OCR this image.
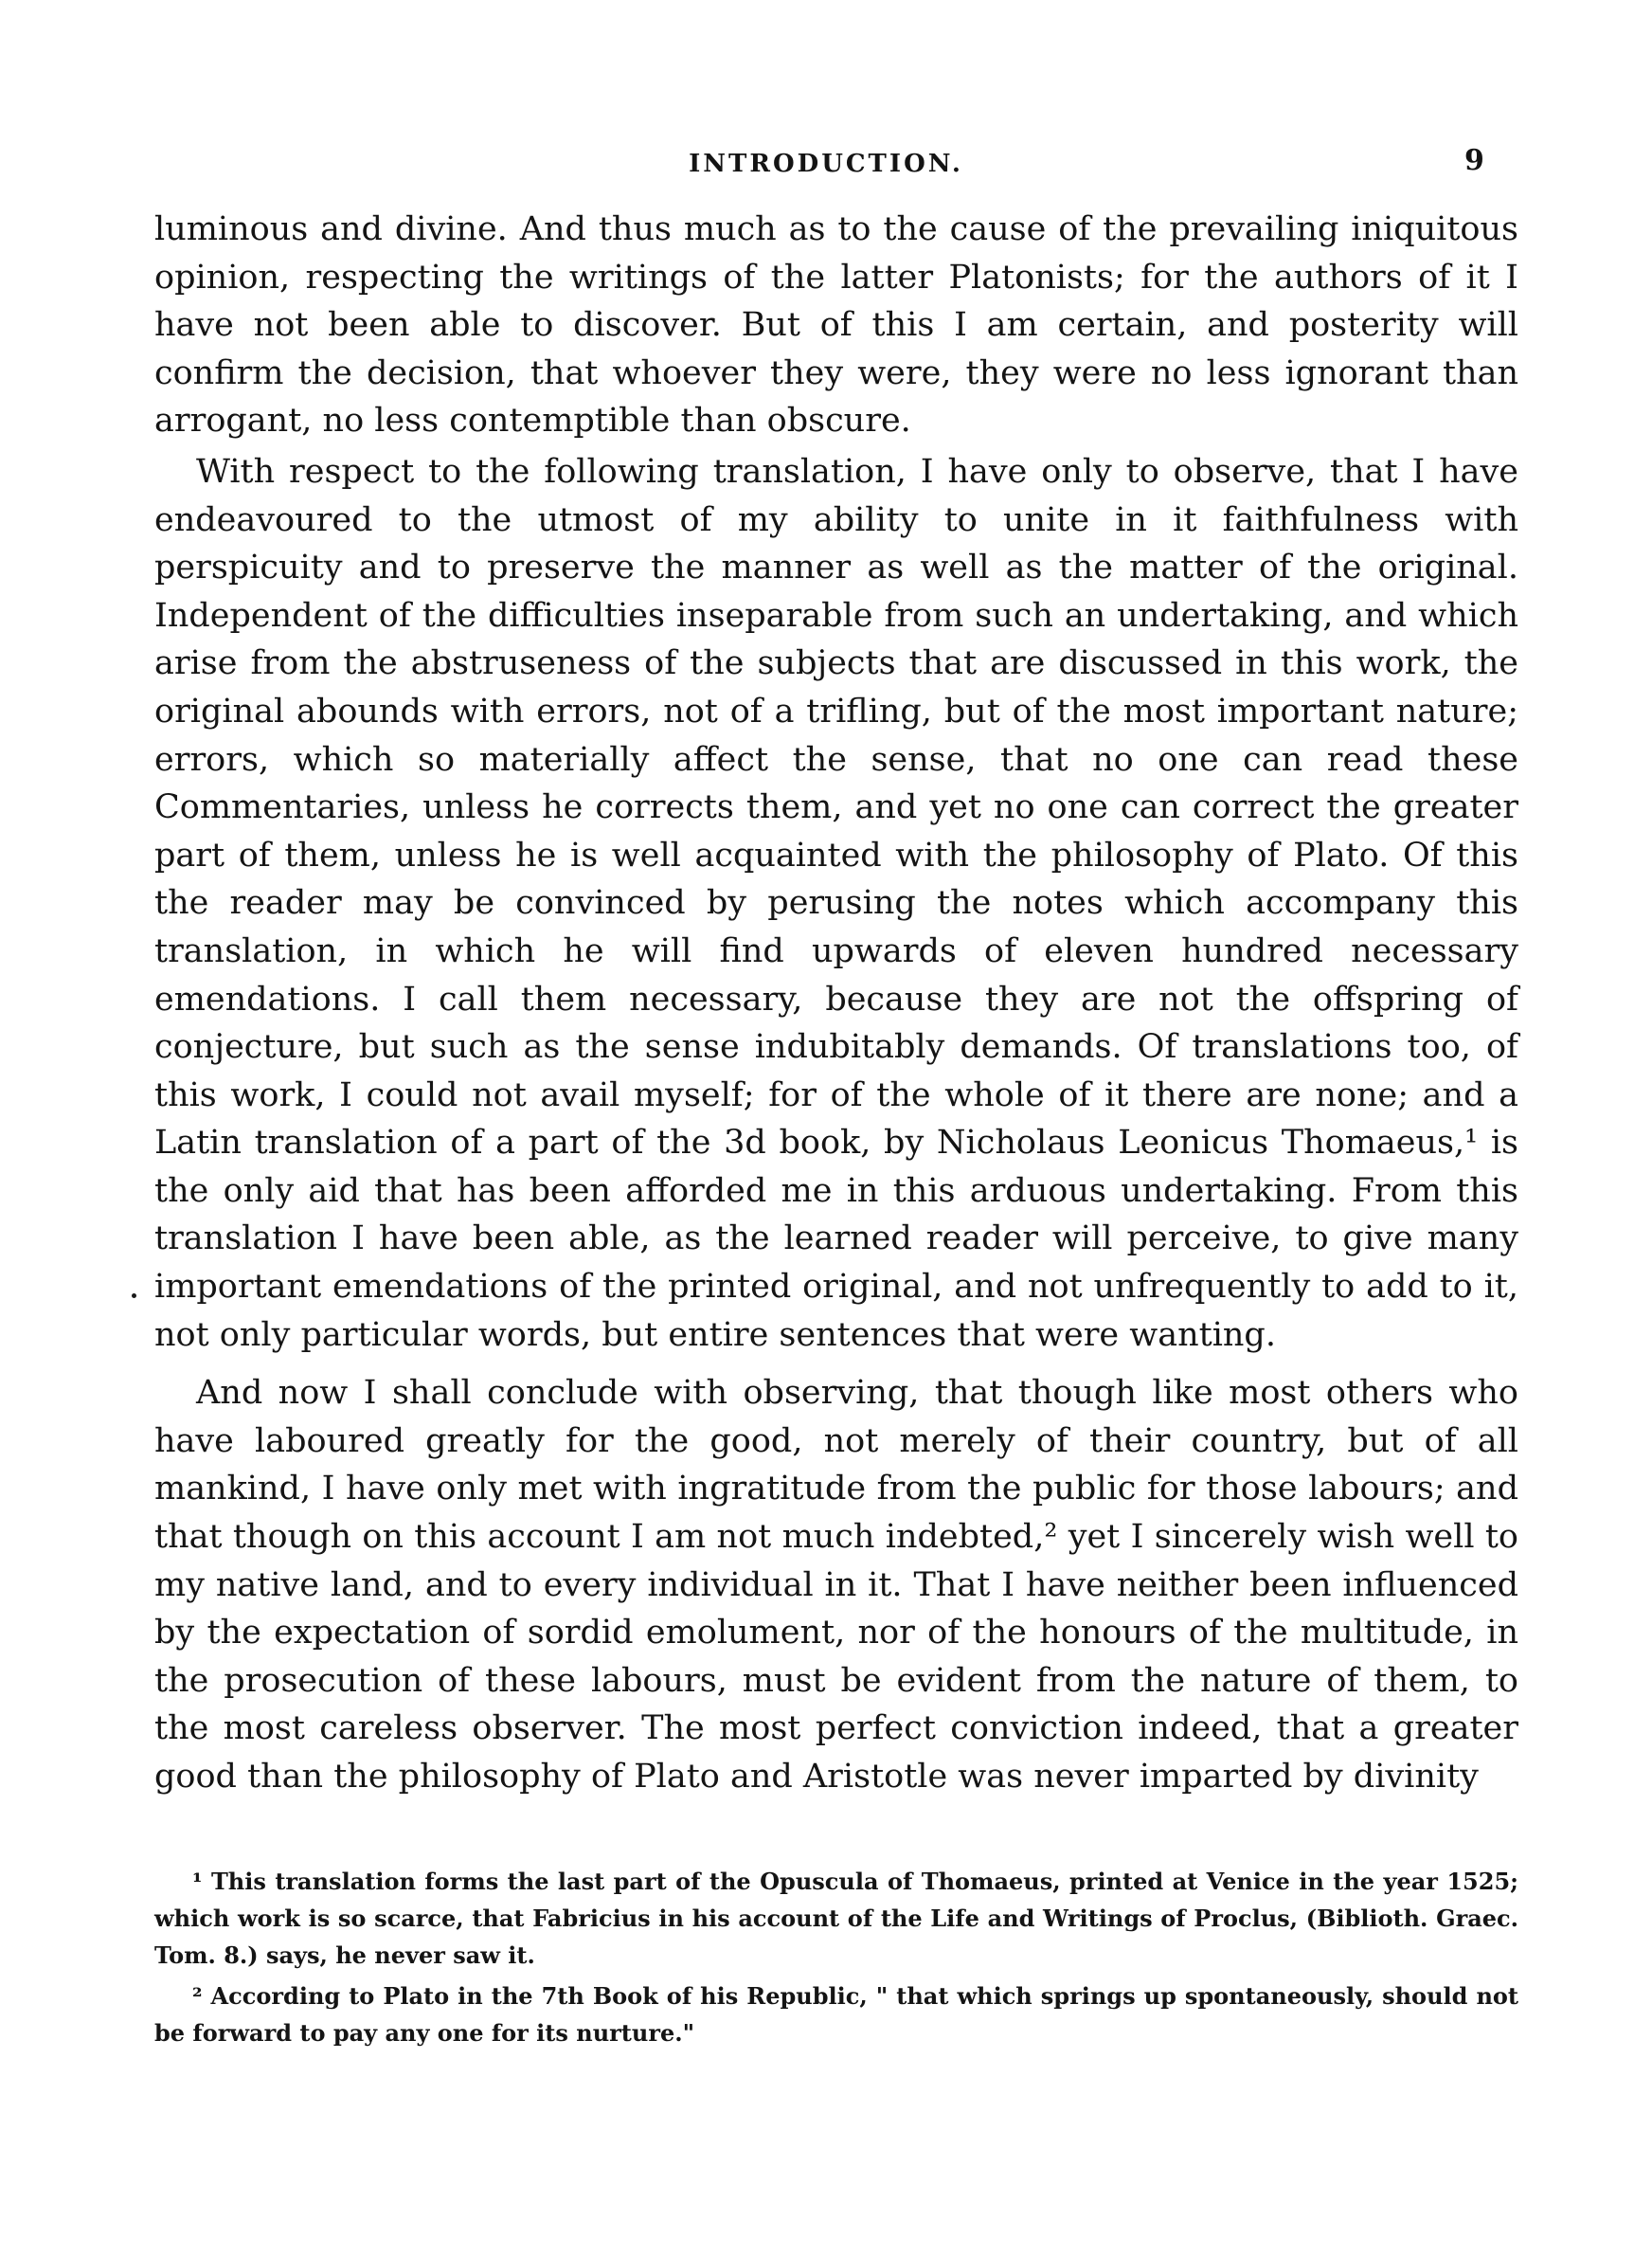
INTRODUCTION.	9

luminous and divine. And thus much as to the cause of the prevailing iniquitous opinion, respecting the writings of the latter Platonists; for the authors of it I have not been able to discover. But of this I am certain, and posterity will confirm the decision, that whoever they were, they were no less ignorant than arrogant, no less contemptible than obscure.

With respect to the following translation, I have only to observe, that I have endeavoured to the utmost of my ability to unite in it faithfulness with perspicuity and to preserve the manner as well as the matter of the original. Independent of the difficulties inseparable from such an undertaking, and which arise from the abstruseness of the subjects that are discussed in this work, the original abounds with errors, not of a trifling, but of the most important nature; errors, which so materially affect the sense, that no one can read these Commentaries, unless he corrects them, and yet no one can correct the greater part of them, unless he is well acquainted with the philosophy of Plato. Of this the reader may be convinced by perusing the notes which accompany this translation, in which he will find upwards of eleven hundred necessary emendations. I call them necessary, because they are not the offspring of conjecture, but such as the sense indubitably demands. Of translations too, of this work, I could not avail myself; for of the whole of it there are none; and a Latin translation of a part of the 3d book, by Nicholaus Leonicus Thomaeus,¹ is the only aid that has been afforded me in this arduous undertaking. From this translation I have been able, as the learned reader will perceive, to give many important emendations of the printed original, and not unfrequently to add to it, not only particular words, but entire sentences that were wanting.

And now I shall conclude with observing, that though like most others who have laboured greatly for the good, not merely of their country, but of all mankind, I have only met with ingratitude from the public for those labours; and that though on this account I am not much indebted,² yet I sincerely wish well to my native land, and to every individual in it. That I have neither been influenced by the expectation of sordid emolument, nor of the honours of the multitude, in the prosecution of these labours, must be evident from the nature of them, to the most careless observer. The most perfect conviction indeed, that a greater good than the philosophy of Plato and Aristotle was never imparted by divinity

¹ This translation forms the last part of the Opuscula of Thomaeus, printed at Venice in the year 1525; which work is so scarce, that Fabricius in his account of the Life and Writings of Proclus, (Biblioth. Graec. Tom. 8.) says, he never saw it.

² According to Plato in the 7th Book of his Republic, " that which springs up spontaneously, should not be forward to pay any one for its nurture."
